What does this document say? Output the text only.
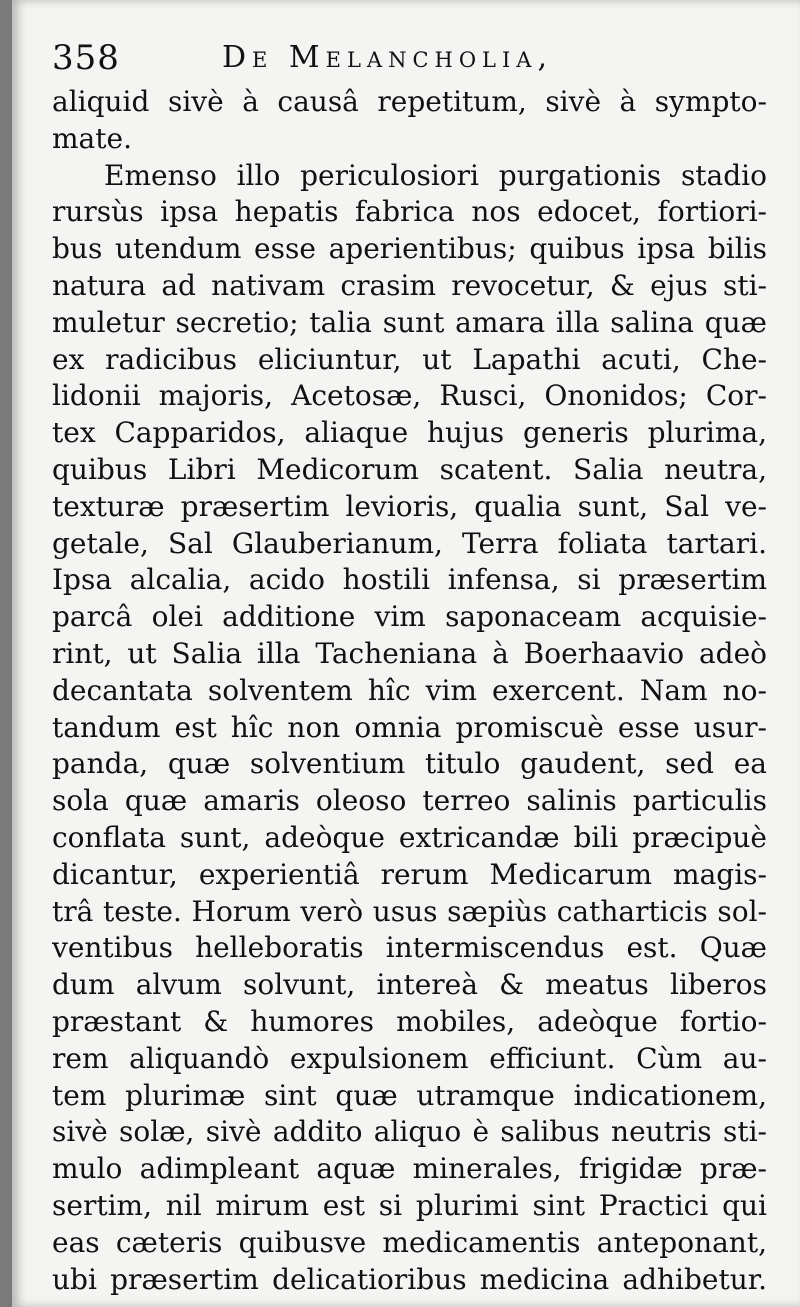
358	De Melancholia,
aliquid sivè à causâ repetitum, sivè à sympto-
mate.
Emenso illo periculosiori purgationis stadio
rursùs ipsa hepatis fabrica nos edocet, fortiori-
bus utendum esse aperientibus; quibus ipsa bilis
natura ad nativam crasim revocetur, & ejus sti-
muletur secretio; talia sunt amara illa salina quæ
ex radicibus eliciuntur, ut Lapathi acuti, Che-
lidonii majoris, Acetosæ, Rusci, Ononidos; Cor-
tex Capparidos, aliaque hujus generis plurima,
quibus Libri Medicorum scatent. Salia neutra,
texturæ præsertim levioris, qualia sunt, Sal ve-
getale, Sal Glauberianum, Terra foliata tartari.
Ipsa alcalia, acido hostili infensa, si præsertim
parcâ olei additione vim saponaceam acquisie-
rint, ut Salia illa Tacheniana à Boerhaavio adeò
decantata solventem hîc vim exercent. Nam no-
tandum est hîc non omnia promiscuè esse usur-
panda, quæ solventium titulo gaudent, sed ea
sola quæ amaris oleoso terreo salinis particulis
conflata sunt, adeòque extricandæ bili præcipuè
dicantur, experientiâ rerum Medicarum magis-
trâ teste. Horum verò usus sæpiùs catharticis sol-
ventibus helleboratis intermiscendus est. Quæ
dum alvum solvunt, intereà & meatus liberos
præstant & humores mobiles, adeòque fortio-
rem aliquandò expulsionem efficiunt. Cùm au-
tem plurimæ sint quæ utramque indicationem,
sivè solæ, sivè addito aliquo è salibus neutris sti-
mulo adimpleant aquæ minerales, frigidæ præ-
sertim, nil mirum est si plurimi sint Practici qui
eas cæteris quibusve medicamentis anteponant,
ubi præsertim delicatioribus medicina adhibetur.
